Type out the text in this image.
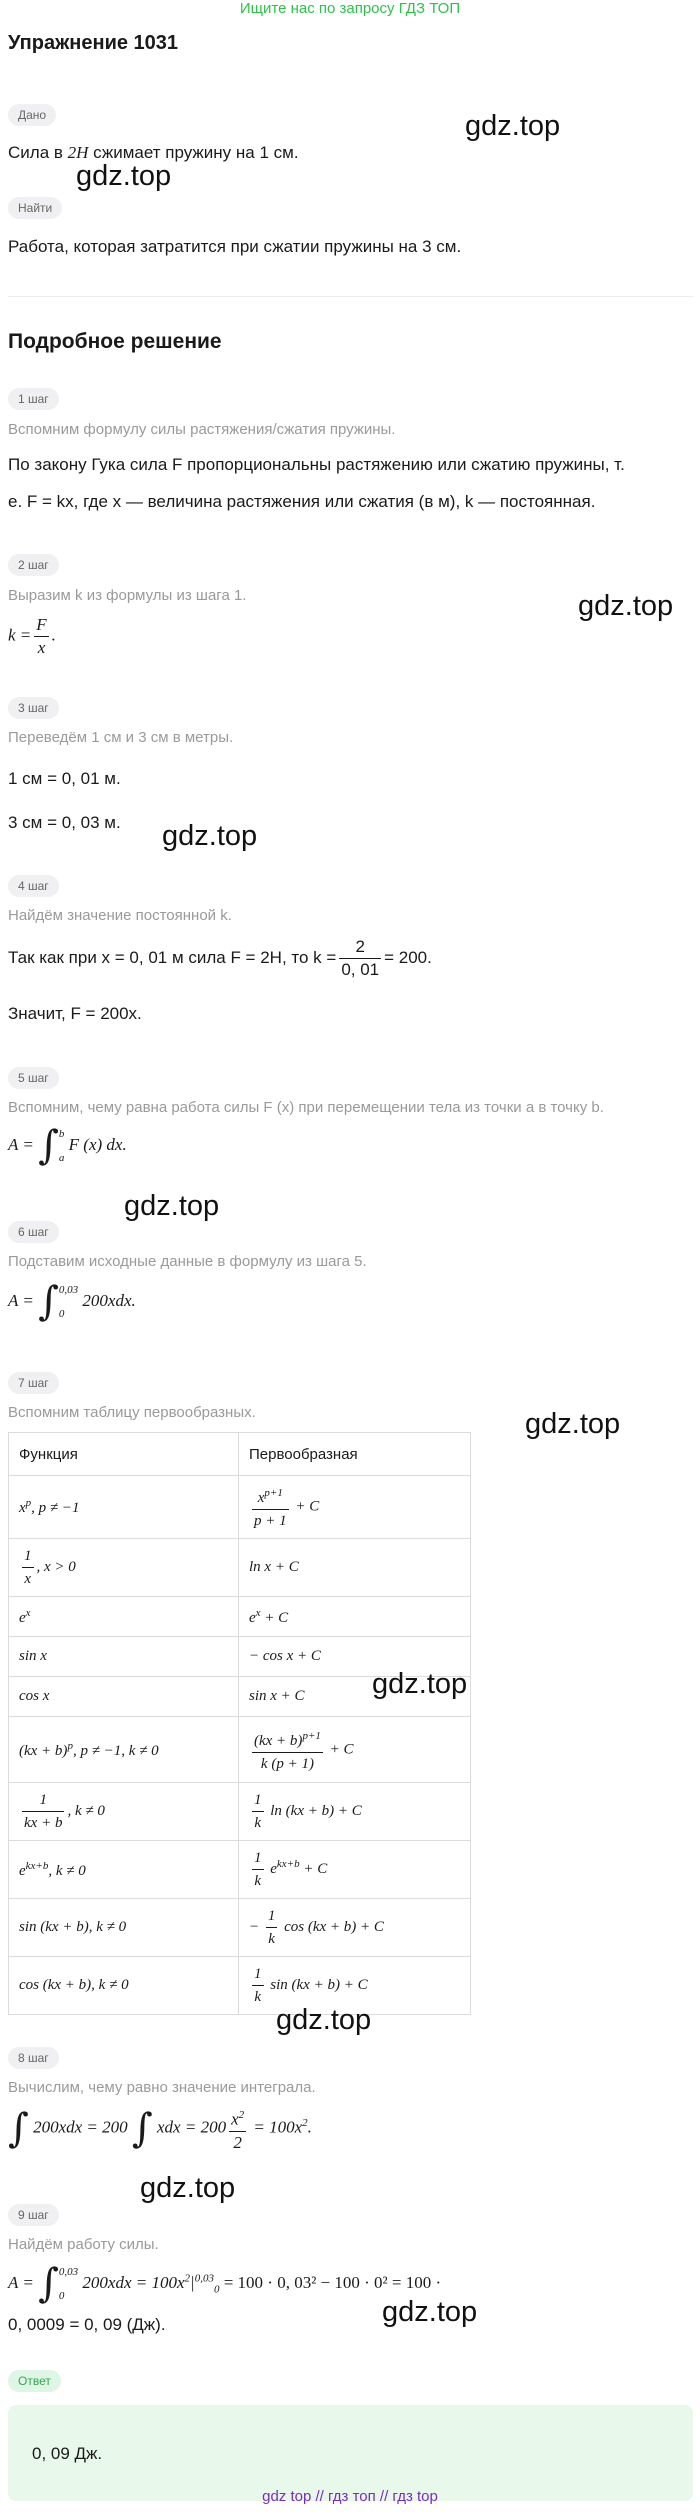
Ищите нас по запросу ГДЗ ТОП
Упражнение 1031
Дано
Сила в 2H сжимает пружину на 1 см.
gdz.top
Найти
gdz.top
Работа, которая затратится при сжатии пружины на 3 см.
Подробное решение
1 шаг
Вспомним формулу силы растяжения/сжатия пружины.
По закону Гука сила F пропорциональны растяжению или сжатию пружины, т.
е. F = kx, где x — величина растяжения или сжатия (в м), k — постоянная.
2 шаг
Выразим k из формулы из шага 1.	gdz.top
$k = \frac{F}{x}$ .
3 шаг
Переведём 1 см и 3 см в метры.
1 см = 0, 01 м.
3 см = 0, 03 м. gdz.top
4 шаг
Найдём значение постоянной k.
Так как при x = 0, 01 м сила F = 2H, то $k = \frac{2}{0, 01} = 200$.
Значит, F = 200x.
5 шаг
Вспомним, чему равна работа силы F (x) при перемещении тела из точки a в точку b.
A = ∫ b
a
F (x) dx.
gdz.top
6 шаг
Подставим исходные данные в формулу из шага 5.
A = ∫ 0,03
0
200xdx.
7 шаг
Вспомним таблицу первообразных.	gdz.top
Функция	Первообразная
$x^p$, p ≠ −1	$\frac{x^{p+1}}{p + 1} + C$

$\frac{1}{x}$ , x > 0	ln x + C
$e^x$	$e^x + C$
sin x	− cos x + C
cos x	sin x + C
(kx + b)$^p$, p ≠ −1, k ≠ 0	$\frac{(kx + b)^{p+1}}{k (p + 1)} + C$

$\frac{1}{kx + b}$ , k ≠ 0	$\frac{1}{k}$ ln (kx + b) + C
$e^{kx+b}$, k ≠ 0	$\frac{1}{k} e^{kx+b} + C$
sin (kx + b), k ≠ 0	− $\frac{1}{k}$ cos (kx + b) + C
cos (kx + b), k ≠ 0	$\frac{1}{k}$ sin (kx + b) + C
gdz.top
gdz.top
8 шаг
Вычислим, чему равно значение интеграла.
∫ 200xdx = 200 ∫ xdx = $200 \frac{x^2}{2} = 100x^2$.
gdz.top
9 шаг
Найдём работу силы.
A = ∫ 0,03
0
$200xdx = 100x^2|^{0,03}_0 = 100 \cdot 0$, 03² − 100 · 0² = 100 ·
0, 0009 = 0, 09 (Дж).	gdz.top
Ответ
0, 09 Дж.
gdz top // гдз топ // гдз top
